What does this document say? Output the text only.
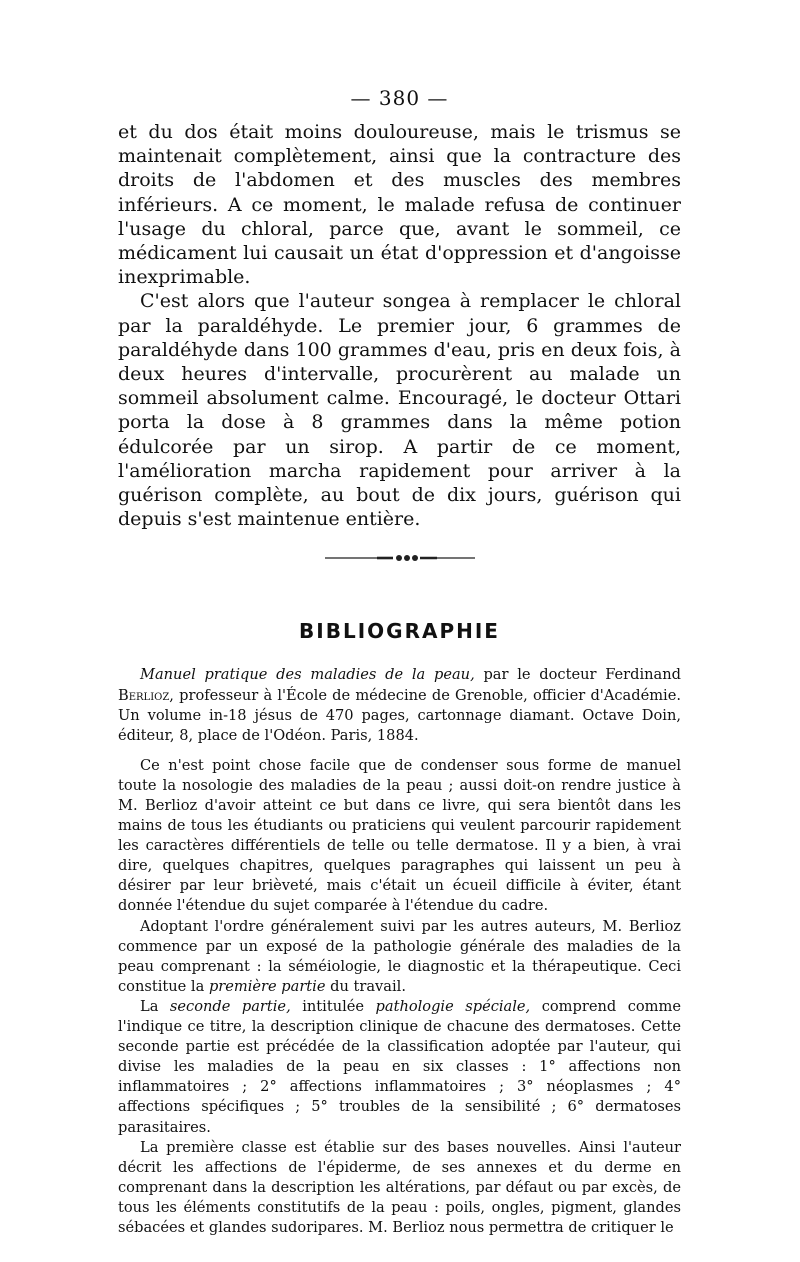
— 380 —

et du dos était moins douloureuse, mais le trismus se maintenait complètement, ainsi que la contracture des droits de l'abdomen et des muscles des membres inférieurs. A ce moment, le malade refusa de continuer l'usage du chloral, parce que, avant le sommeil, ce médicament lui causait un état d'oppression et d'angoisse inexprimable.

C'est alors que l'auteur songea à remplacer le chloral par la paraldéhyde. Le premier jour, 6 grammes de paraldéhyde dans 100 grammes d'eau, pris en deux fois, à deux heures d'intervalle, procurèrent au malade un sommeil absolument calme. Encouragé, le docteur Ottari porta la dose à 8 grammes dans la même potion édulcorée par un sirop. A partir de ce moment, l'amélioration marcha rapidement pour arriver à la guérison complète, au bout de dix jours, guérison qui depuis s'est maintenue entière.

BIBLIOGRAPHIE

Manuel pratique des maladies de la peau, par le docteur Ferdinand Berlioz, professeur à l'École de médecine de Grenoble, officier d'Académie. Un volume in-18 jésus de 470 pages, cartonnage diamant. Octave Doin, éditeur, 8, place de l'Odéon. Paris, 1884.

Ce n'est point chose facile que de condenser sous forme de manuel toute la nosologie des maladies de la peau ; aussi doit-on rendre justice à M. Berlioz d'avoir atteint ce but dans ce livre, qui sera bientôt dans les mains de tous les étudiants ou praticiens qui veulent parcourir rapidement les caractères différentiels de telle ou telle dermatose. Il y a bien, à vrai dire, quelques chapitres, quelques paragraphes qui laissent un peu à désirer par leur brièveté, mais c'était un écueil difficile à éviter, étant donnée l'étendue du sujet comparée à l'étendue du cadre.

Adoptant l'ordre généralement suivi par les autres auteurs, M. Berlioz commence par un exposé de la pathologie générale des maladies de la peau comprenant : la séméiologie, le diagnostic et la thérapeutique. Ceci constitue la première partie du travail.

La seconde partie, intitulée pathologie spéciale, comprend comme l'indique ce titre, la description clinique de chacune des dermatoses. Cette seconde partie est précédée de la classification adoptée par l'auteur, qui divise les maladies de la peau en six classes : 1° affections non inflammatoires ; 2° affections inflammatoires ; 3° néoplasmes ; 4° affections spécifiques ; 5° troubles de la sensibilité ; 6° dermatoses parasitaires.

La première classe est établie sur des bases nouvelles. Ainsi l'auteur décrit les affections de l'épiderme, de ses annexes et du derme en comprenant dans la description les altérations, par défaut ou par excès, de tous les éléments constitutifs de la peau : poils, ongles, pigment, glandes sébacées et glandes sudoripares. M. Berlioz nous permettra de critiquer le
